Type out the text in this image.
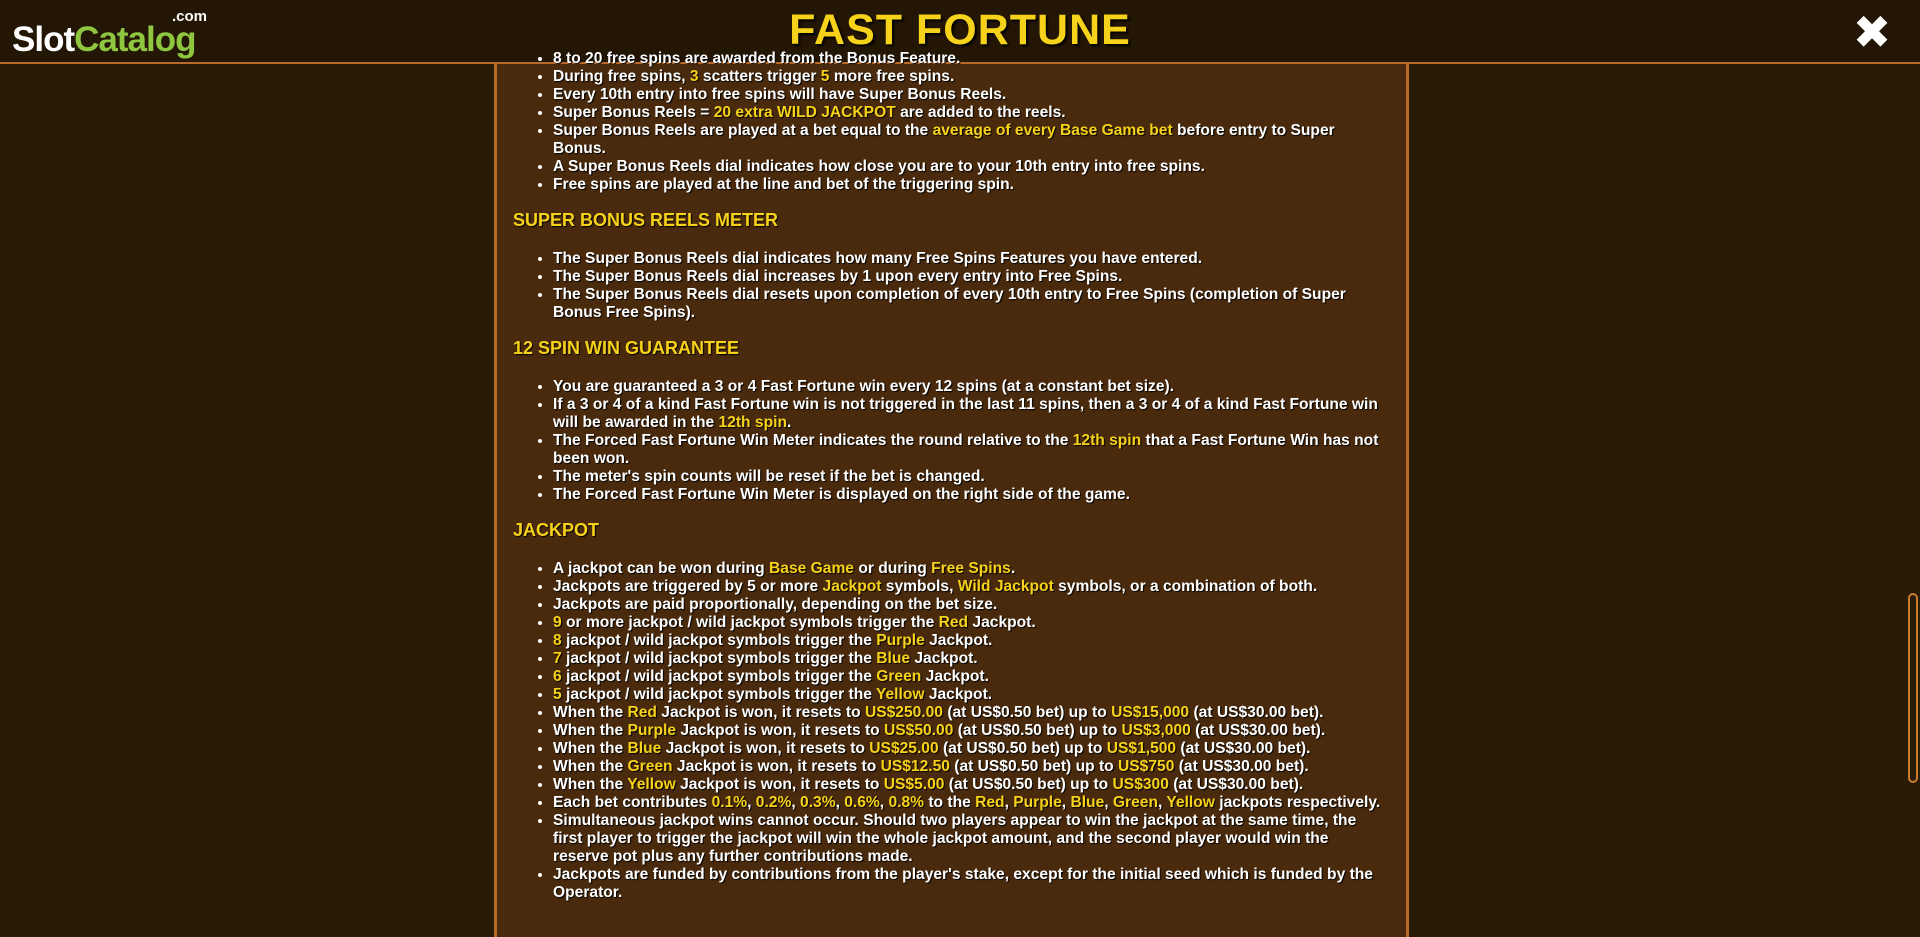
SlotCatalog
.com	FAST FORTUNE	✖
• 8 to 20 free spins are awarded from the Bonus Feature.
• During free spins, 3 scatters trigger 5 more free spins.
• Every 10th entry into free spins will have Super Bonus Reels.
• Super Bonus Reels = 20 extra WILD JACKPOT are added to the reels.
• Super Bonus Reels are played at a bet equal to the average of every Base Game bet before entry to Super Bonus.
• A Super Bonus Reels dial indicates how close you are to your 10th entry into free spins.
• Free spins are played at the line and bet of the triggering spin.
SUPER BONUS REELS METER
• The Super Bonus Reels dial indicates how many Free Spins Features you have entered.
• The Super Bonus Reels dial increases by 1 upon every entry into Free Spins.
• The Super Bonus Reels dial resets upon completion of every 10th entry to Free Spins (completion of Super Bonus Free Spins).
12 SPIN WIN GUARANTEE
• You are guaranteed a 3 or 4 Fast Fortune win every 12 spins (at a constant bet size).
• If a 3 or 4 of a kind Fast Fortune win is not triggered in the last 11 spins, then a 3 or 4 of a kind Fast Fortune win will be awarded in the 12th spin.
• The Forced Fast Fortune Win Meter indicates the round relative to the 12th spin that a Fast Fortune Win has not been won.
• The meter's spin counts will be reset if the bet is changed.
• The Forced Fast Fortune Win Meter is displayed on the right side of the game.
JACKPOT
• A jackpot can be won during Base Game or during Free Spins.
• Jackpots are triggered by 5 or more Jackpot symbols, Wild Jackpot symbols, or a combination of both.
• Jackpots are paid proportionally, depending on the bet size.
• 9 or more jackpot / wild jackpot symbols trigger the Red Jackpot.
• 8 jackpot / wild jackpot symbols trigger the Purple Jackpot.
• 7 jackpot / wild jackpot symbols trigger the Blue Jackpot.
• 6 jackpot / wild jackpot symbols trigger the Green Jackpot.
• 5 jackpot / wild jackpot symbols trigger the Yellow Jackpot.
• When the Red Jackpot is won, it resets to US$250.00 (at US$0.50 bet) up to US$15,000 (at US$30.00 bet).
• When the Purple Jackpot is won, it resets to US$50.00 (at US$0.50 bet) up to US$3,000 (at US$30.00 bet).
• When the Blue Jackpot is won, it resets to US$25.00 (at US$0.50 bet) up to US$1,500 (at US$30.00 bet).
• When the Green Jackpot is won, it resets to US$12.50 (at US$0.50 bet) up to US$750 (at US$30.00 bet).
• When the Yellow Jackpot is won, it resets to US$5.00 (at US$0.50 bet) up to US$300 (at US$30.00 bet).
• Each bet contributes 0.1%, 0.2%, 0.3%, 0.6%, 0.8% to the Red, Purple, Blue, Green, Yellow jackpots respectively.
• Simultaneous jackpot wins cannot occur. Should two players appear to win the jackpot at the same time, the first player to trigger the jackpot will win the whole jackpot amount, and the second player would win the reserve pot plus any further contributions made.
• Jackpots are funded by contributions from the player's stake, except for the initial seed which is funded by the Operator.
